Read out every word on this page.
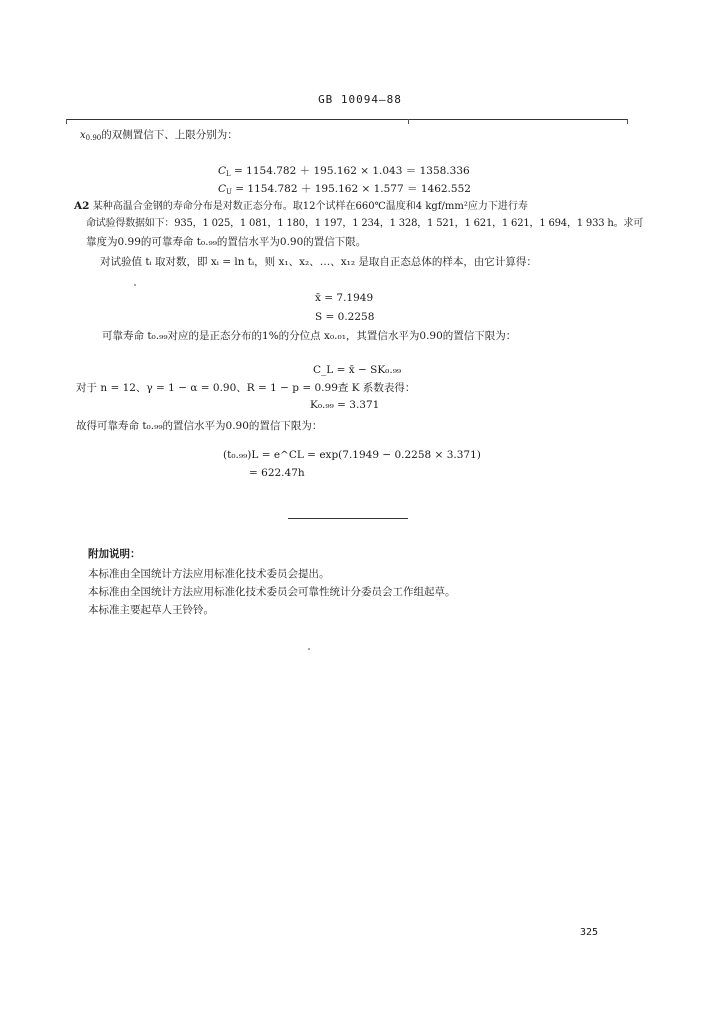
GB 10094—88
$x_{0.90}$的双侧置信下、上限分别为：
$C_L = 1154.782 + 195.162 \times 1.043 = 1358.336$
$C_U = 1154.782 + 195.162 \times 1.577 = 1462.552$
A2 某种高温合金钢的寿命分布是对数正态分布。取12个试样在660℃温度和4 kgf/mm²应力下进行寿
命试验得数据如下：935，1 025，1 081，1 180，1 197，1 234，1 328，1 521，1 621，1 621，1 694，1 933 h。求可
靠度为0.99的可靠寿命 t₀.₉₉的置信水平为0.90的置信下限。
对试验值 tᵢ 取对数，即 xᵢ = ln tᵢ，则 x₁、x₂、…、x₁₂ 是取自正态总体的样本，由它计算得：
x̄ = 7.1949
S = 0.2258
可靠寿命 t₀.₉₉对应的是正态分布的1%的分位点 x₀.₀₁，其置信水平为0.90的置信下限为：
C_L = x̄ − SK₀.₉₉
对于 n = 12、γ = 1 − α = 0.90、R = 1 − p = 0.99查 K 系数表得：
K₀.₉₉ = 3.371
故得可靠寿命 t₀.₉₉的置信水平为0.90的置信下限为：
(t₀.₉₉)L = e^CL = exp(7.1949 − 0.2258 × 3.371)
= 622.47h
附加说明：
本标准由全国统计方法应用标准化技术委员会提出。
本标准由全国统计方法应用标准化技术委员会可靠性统计分委员会工作组起草。
本标准主要起草人王铃铃。
325
